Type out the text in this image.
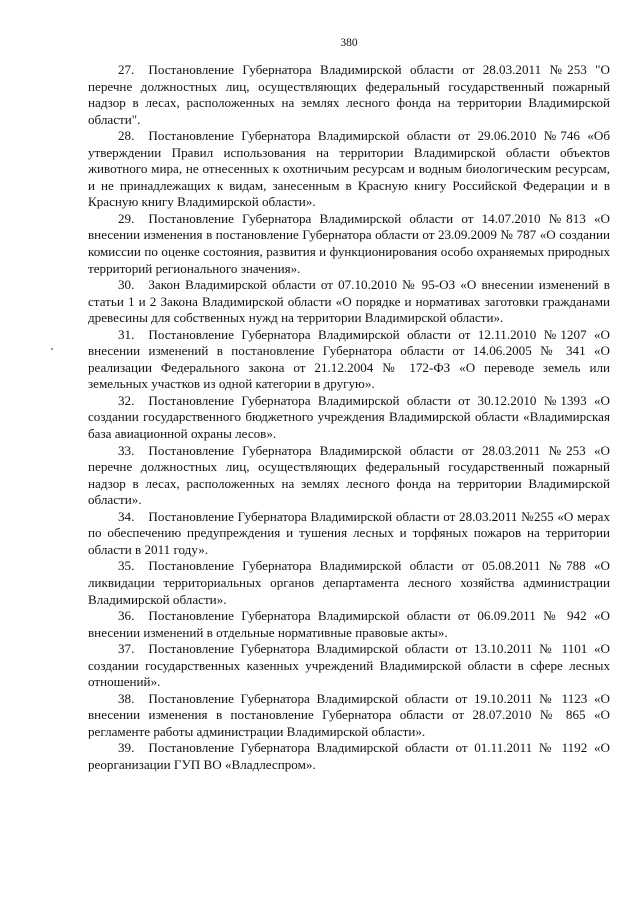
380

27. Постановление Губернатора Владимирской области от 28.03.2011 №253 "О перечне должностных лиц, осуществляющих федеральный государственный пожарный надзор в лесах, расположенных на землях лесного фонда на территории Владимирской области".

28. Постановление Губернатора Владимирской области от 29.06.2010 №746 «Об утверждении Правил использования на территории Владимирской области объектов животного мира, не отнесенных к охотничьим ресурсам и водным биологическим ресурсам, и не принадлежащих к видам, занесенным в Красную книгу Российской Федерации и в Красную книгу Владимирской области».

29. Постановление Губернатора Владимирской области от 14.07.2010 №813 «О внесении изменения в постановление Губернатора области от 23.09.2009 № 787 «О создании комиссии по оценке состояния, развития и функционирования особо охраняемых природных территорий регионального значения».

30. Закон Владимирской области от 07.10.2010 № 95-ОЗ «О внесении изменений в статьи 1 и 2 Закона Владимирской области «О порядке и нормативах заготовки гражданами древесины для собственных нужд на территории Владимирской области».

31. Постановление Губернатора Владимирской области от 12.11.2010 №1207 «О внесении изменений в постановление Губернатора области от 14.06.2005 № 341 «О реализации Федерального закона от 21.12.2004 № 172-ФЗ «О переводе земель или земельных участков из одной категории в другую».

32. Постановление Губернатора Владимирской области от 30.12.2010 №1393 «О создании государственного бюджетного учреждения Владимирской области «Владимирская база авиационной охраны лесов».

33. Постановление Губернатора Владимирской области от 28.03.2011 №253 «О перечне должностных лиц, осуществляющих федеральный государственный пожарный надзор в лесах, расположенных на землях лесного фонда на территории Владимирской области».

34. Постановление Губернатора Владимирской области от 28.03.2011 №255 «О мерах по обеспечению предупреждения и тушения лесных и торфяных пожаров на территории области в 2011 году».

35. Постановление Губернатора Владимирской области от 05.08.2011 №788 «О ликвидации территориальных органов департамента лесного хозяйства администрации Владимирской области».

36. Постановление Губернатора Владимирской области от 06.09.2011 № 942 «О внесении изменений в отдельные нормативные правовые акты».

37. Постановление Губернатора Владимирской области от 13.10.2011 № 1101 «О создании государственных казенных учреждений Владимирской области в сфере лесных отношений».

38. Постановление Губернатора Владимирской области от 19.10.2011 № 1123 «О внесении изменения в постановление Губернатора области от 28.07.2010 № 865 «О регламенте работы администрации Владимирской области».

39. Постановление Губернатора Владимирской области от 01.11.2011 № 1192 «О реорганизации ГУП ВО «Владлеспром».
